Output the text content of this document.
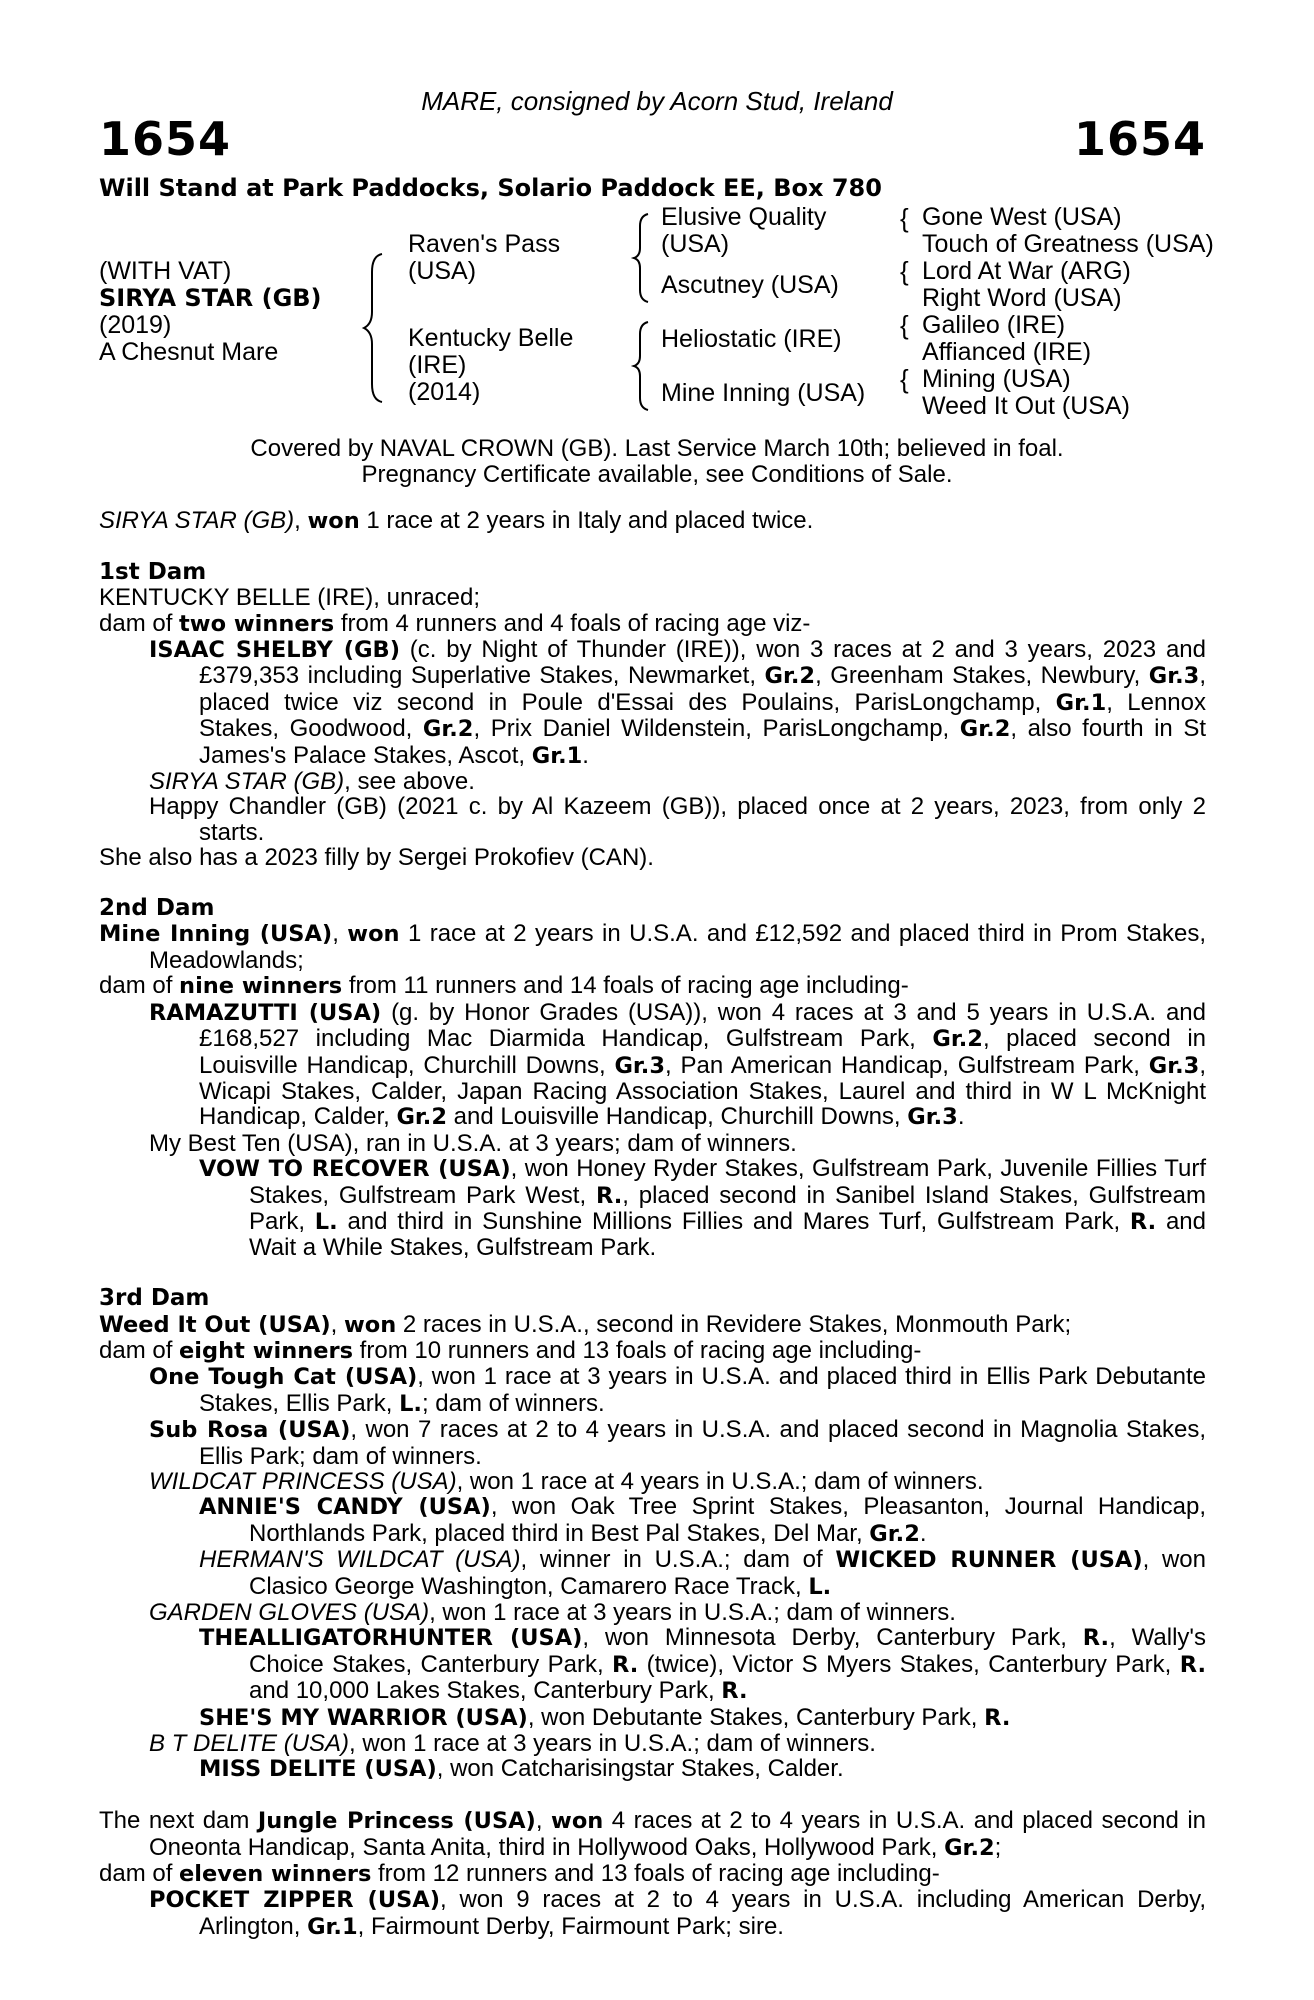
MARE, consigned by Acorn Stud, Ireland
1654	1654
Will Stand at Park Paddocks, Solario Paddock EE, Box 780
(WITH VAT)
SIRYA STAR (GB)
(2019)
A Chesnut Mare
Raven's Pass
(USA)
Kentucky Belle
(IRE)
(2014)
Elusive Quality
(USA)
Ascutney (USA)
Heliostatic (IRE)
Mine Inning (USA)
{
{
{
{
Gone West (USA)
Touch of Greatness (USA)
Lord At War (ARG)
Right Word (USA)
Galileo (IRE)
Affianced (IRE)
Mining (USA)
Weed It Out (USA)
Covered by NAVAL CROWN (GB). Last Service March 10th; believed in foal.
Pregnancy Certificate available, see Conditions of Sale.

SIRYA STAR (GB), won 1 race at 2 years in Italy and placed twice.

1st Dam

KENTUCKY BELLE (IRE), unraced;

dam of two winners from 4 runners and 4 foals of racing age viz-

ISAAC SHELBY (GB) (c. by Night of Thunder (IRE)), won 3 races at 2 and 3 years, 2023 and £379,353 including Superlative Stakes, Newmarket, Gr.2, Greenham Stakes, Newbury, Gr.3, placed twice viz second in Poule d'Essai des Poulains, ParisLongchamp, Gr.1, Lennox Stakes, Goodwood, Gr.2, Prix Daniel Wildenstein, ParisLongchamp, Gr.2, also fourth in St James's Palace Stakes, Ascot, Gr.1.

SIRYA STAR (GB), see above.

Happy Chandler (GB) (2021 c. by Al Kazeem (GB)), placed once at 2 years, 2023, from only 2 starts.

She also has a 2023 filly by Sergei Prokofiev (CAN).

2nd Dam

Mine Inning (USA), won 1 race at 2 years in U.S.A. and £12,592 and placed third in Prom Stakes, Meadowlands;

dam of nine winners from 11 runners and 14 foals of racing age including-

RAMAZUTTI (USA) (g. by Honor Grades (USA)), won 4 races at 3 and 5 years in U.S.A. and £168,527 including Mac Diarmida Handicap, Gulfstream Park, Gr.2, placed second in Louisville Handicap, Churchill Downs, Gr.3, Pan American Handicap, Gulfstream Park, Gr.3, Wicapi Stakes, Calder, Japan Racing Association Stakes, Laurel and third in W L McKnight Handicap, Calder, Gr.2 and Louisville Handicap, Churchill Downs, Gr.3.

My Best Ten (USA), ran in U.S.A. at 3 years; dam of winners.

VOW TO RECOVER (USA), won Honey Ryder Stakes, Gulfstream Park, Juvenile Fillies Turf Stakes, Gulfstream Park West, R., placed second in Sanibel Island Stakes, Gulfstream Park, L. and third in Sunshine Millions Fillies and Mares Turf, Gulfstream Park, R. and Wait a While Stakes, Gulfstream Park.

3rd Dam

Weed It Out (USA), won 2 races in U.S.A., second in Revidere Stakes, Monmouth Park;

dam of eight winners from 10 runners and 13 foals of racing age including-

One Tough Cat (USA), won 1 race at 3 years in U.S.A. and placed third in Ellis Park Debutante Stakes, Ellis Park, L.; dam of winners.

Sub Rosa (USA), won 7 races at 2 to 4 years in U.S.A. and placed second in Magnolia Stakes, Ellis Park; dam of winners.

WILDCAT PRINCESS (USA), won 1 race at 4 years in U.S.A.; dam of winners.

ANNIE'S CANDY (USA), won Oak Tree Sprint Stakes, Pleasanton, Journal Handicap, Northlands Park, placed third in Best Pal Stakes, Del Mar, Gr.2.

HERMAN'S WILDCAT (USA), winner in U.S.A.; dam of WICKED RUNNER (USA), won Clasico George Washington, Camarero Race Track, L.

GARDEN GLOVES (USA), won 1 race at 3 years in U.S.A.; dam of winners.

THEALLIGATORHUNTER (USA), won Minnesota Derby, Canterbury Park, R., Wally's Choice Stakes, Canterbury Park, R. (twice), Victor S Myers Stakes, Canterbury Park, R. and 10,000 Lakes Stakes, Canterbury Park, R.

SHE'S MY WARRIOR (USA), won Debutante Stakes, Canterbury Park, R.

B T DELITE (USA), won 1 race at 3 years in U.S.A.; dam of winners.

MISS DELITE (USA), won Catcharisingstar Stakes, Calder.

The next dam Jungle Princess (USA), won 4 races at 2 to 4 years in U.S.A. and placed second in Oneonta Handicap, Santa Anita, third in Hollywood Oaks, Hollywood Park, Gr.2;

dam of eleven winners from 12 runners and 13 foals of racing age including-

POCKET ZIPPER (USA), won 9 races at 2 to 4 years in U.S.A. including American Derby, Arlington, Gr.1, Fairmount Derby, Fairmount Park; sire.
